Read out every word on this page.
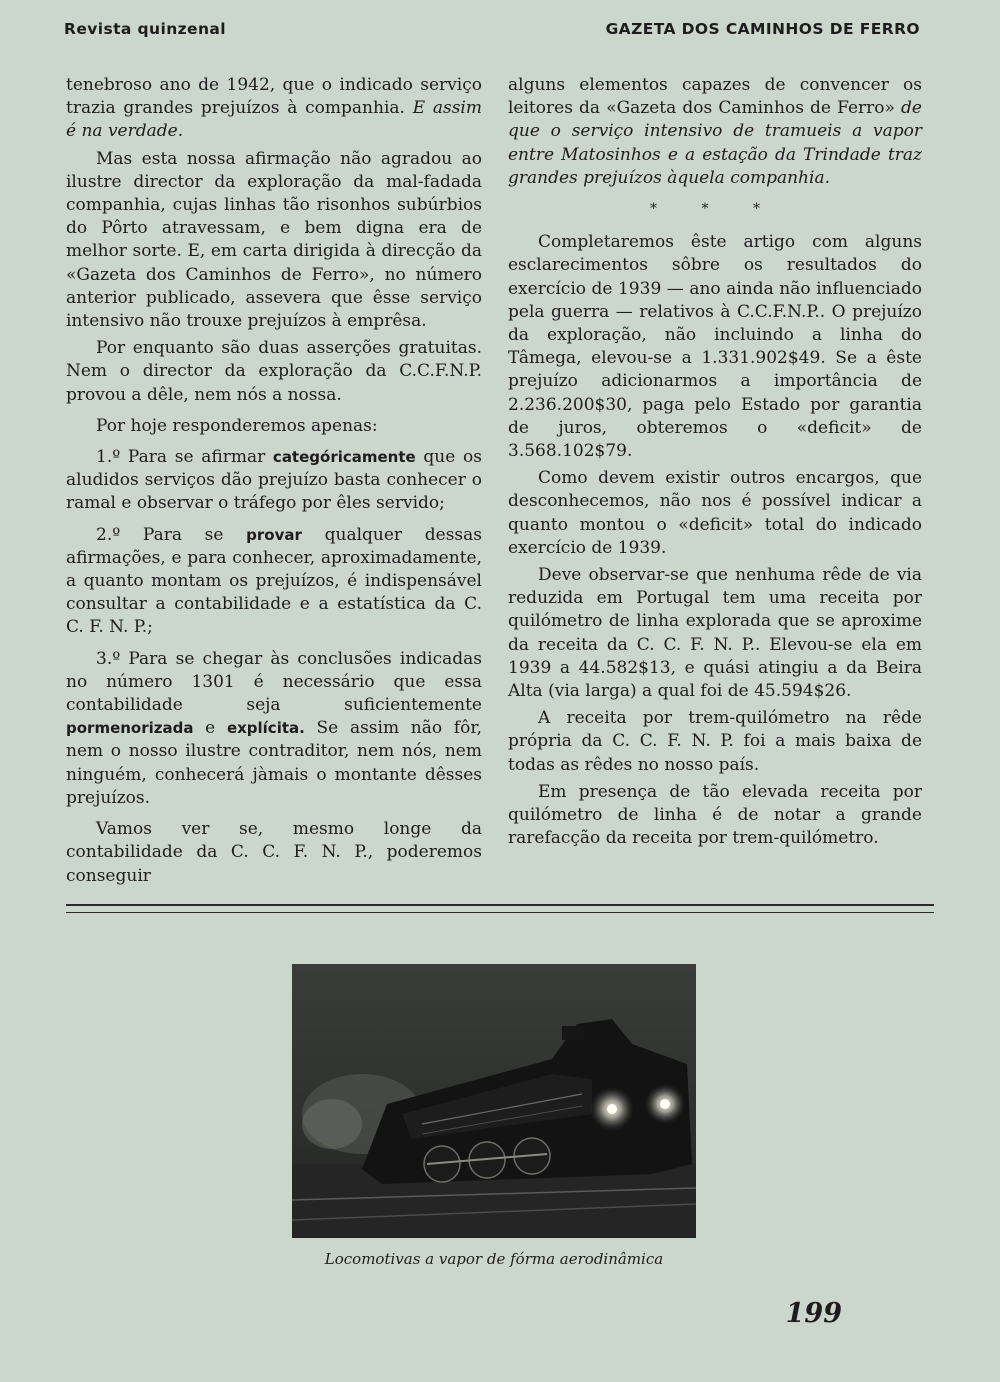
Revista quinzenal	GAZETA DOS CAMINHOS DE FERRO

tenebroso ano de 1942, que o indicado serviço trazia grandes prejuízos à companhia. E assim é na verdade.

Mas esta nossa afirmação não agradou ao ilustre director da exploração da mal-fadada companhia, cujas linhas tão risonhos subúrbios do Pôrto atravessam, e bem digna era de melhor sorte. E, em carta dirigida à direcção da «Gazeta dos Caminhos de Ferro», no número anterior publicado, assevera que êsse serviço intensivo não trouxe prejuízos à emprêsa.

Por enquanto são duas asserções gratuitas. Nem o director da exploração da C.C.F.N.P. provou a dêle, nem nós a nossa.

Por hoje responderemos apenas:

1.º Para se afirmar categóricamente que os aludidos serviços dão prejuízo basta conhecer o ramal e observar o tráfego por êles servido;

2.º Para se provar qualquer dessas afirmações, e para conhecer, aproximadamente, a quanto montam os prejuízos, é indispensável consultar a contabilidade e a estatística da C. C. F. N. P.;

3.º Para se chegar às conclusões indicadas no número 1301 é necessário que essa contabilidade seja suficientemente pormenorizada e explícita. Se assim não fôr, nem o nosso ilustre contraditor, nem nós, nem ninguém, conhecerá jàmais o montante dêsses prejuízos.

Vamos ver se, mesmo longe da contabilidade da C. C. F. N. P., poderemos conseguir

alguns elementos capazes de convencer os leitores da «Gazeta dos Caminhos de Ferro» de que o serviço intensivo de tramueis a vapor entre Matosinhos e a estação da Trindade traz grandes prejuízos àquela companhia.

* * *

Completaremos êste artigo com alguns esclarecimentos sôbre os resultados do exercício de 1939 — ano ainda não influenciado pela guerra — relativos à C.C.F.N.P.. O prejuízo da exploração, não incluindo a linha do Tâmega, elevou-se a 1.331.902$49. Se a êste prejuízo adicionarmos a importância de 2.236.200$30, paga pelo Estado por garantia de juros, obteremos o «deficit» de 3.568.102$79.

Como devem existir outros encargos, que desconhecemos, não nos é possível indicar a quanto montou o «deficit» total do indicado exercício de 1939.

Deve observar-se que nenhuma rêde de via reduzida em Portugal tem uma receita por quilómetro de linha explorada que se aproxime da receita da C. C. F. N. P.. Elevou-se ela em 1939 a 44.582$13, e quási atingiu a da Beira Alta (via larga) a qual foi de 45.594$26.

A receita por trem-quilómetro na rêde própria da C. C. F. N. P. foi a mais baixa de todas as rêdes no nosso país.

Em presença de tão elevada receita por quilómetro de linha é de notar a grande rarefacção da receita por trem-quilómetro.

Locomotivas a vapor de fórma aerodinâmica
199
